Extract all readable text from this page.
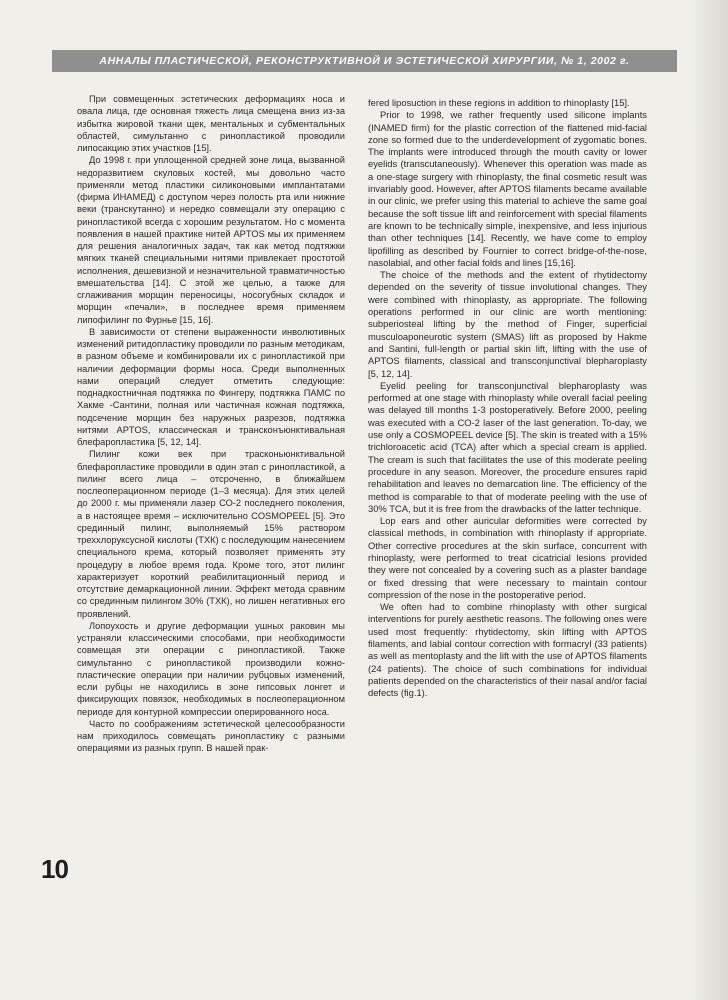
АННАЛЫ ПЛАСТИЧЕСКОЙ, РЕКОНСТРУКТИВНОЙ И ЭСТЕТИЧЕСКОЙ ХИРУРГИИ, № 1, 2002 г.

При совмещенных эстетических деформациях носа и овала лица, где основная тяжесть лица смещена вниз из-за избытка жировой ткани щек, ментальных и субментальных областей, симультанно с ринопластикой проводили липосакцию этих участков [15].

До 1998 г. при уплощенной средней зоне лица, вызванной недоразвитием скуловых костей, мы довольно часто применяли метод пластики силиконовыми имплантатами (фирма ИНАМЕД) с доступом через полость рта или нижние веки (транскутанно) и нередко совмещали эту операцию с ринопластикой всегда с хорошим результатом. Но с момента появления в нашей практике нитей APTOS мы их применяем для решения аналогичных задач, так как метод подтяжки мягких тканей специальными нитями привлекает простотой исполнения, дешевизной и незначительной травматичностью вмешательства [14]. С этой же целью, а также для сглаживания морщин переносицы, носогубных складок и морщин «печали», в последнее время применяем липофилинг по Фурнье [15, 16].

В зависимости от степени выраженности инволютивных изменений ритидопластику проводили по разным методикам, в разном объеме и комбинировали их с ринопластикой при наличии деформации формы носа. Среди выполненных нами операций следует отметить следующие: поднадкостничная подтяжка по Фингеру, подтяжка ПАМС по Хакме -Сантини, полная или частичная кожная подтяжка, подсечение морщин без наружных разрезов, подтяжка нитями APTOS, классическая и трансконъюнктивальная блефаропластика [5, 12, 14].

Пилинг кожи век при трасконьюнктивальной блефаропластике проводили в один этап с ринопластикой, а пилинг всего лица – отсроченно, в ближайшем послеоперационном периоде (1–3 месяца). Для этих целей до 2000 г. мы применяли лазер СО-2 последнего поколения, а в настоящее время – исключительно COSMOPEEL [5]. Это срединный пилинг, выполняемый 15% раствором треххлоруксусной кислоты (ТХК) с последующим нанесением специального крема, который позволяет применять эту процедуру в любое время года. Кроме того, этот пилинг характеризует короткий реабилитационный период и отсутствие демаркационной линии. Эффект метода сравним со срединным пилингом 30% (ТХК), но лишен негативных его проявлений.

Лопоухость и другие деформации ушных раковин мы устраняли классическими способами, при необходимости совмещая эти операции с ринопластикой. Также симультанно с ринопластикой производили кожно-пластические операции при наличии рубцовых изменений, если рубцы не находились в зоне гипсовых лонгет и фиксирующих повязок, необходимых в послеоперационном периоде для контурной компрессии оперированного носа.

Часто по соображениям эстетической целесообразности нам приходилось совмещать ринопластику с разными операциями из разных групп. В нашей прак-

fered liposuction in these regions in addition to rhinoplasty [15].

Prior to 1998, we rather frequently used silicone implants (INAMED firm) for the plastic correction of the flattened mid-facial zone so formed due to the underdevelopment of zygomatic bones. The implants were introduced through the mouth cavity or lower eyelids (transcutaneously). Whenever this operation was made as a one-stage surgery with rhinoplasty, the final cosmetic result was invariably good. However, after APTOS filaments became available in our clinic, we prefer using this material to achieve the same goal because the soft tissue lift and reinforcement with special filaments are known to be technically simple, inexpensive, and less injurious than other techniques [14]. Recently, we have come to employ lipofilling as described by Fournier to correct bridge-of-the-nose, nasolabial, and other facial folds and lines [15,16].

The choice of the methods and the extent of rhytidectomy depended on the severity of tissue involutional changes. They were combined with rhinoplasty, as appropriate. The following operations performed in our clinic are worth mentioning: subperiosteal lifting by the method of Finger, superficial musculoaponeurotic system (SMAS) lift as proposed by Hakme and Santini, full-length or partial skin lift, lifting with the use of APTOS filaments, classical and transconjunctival blepharoplasty [5, 12, 14].

Eyelid peeling for transconjunctival blepharoplasty was performed at one stage with rhinoplasty while overall facial peeling was delayed till months 1-3 postoperatively. Before 2000, peeling was executed with a CO-2 laser of the last generation. To-day, we use only a COSMOPEEL device [5]. The skin is treated with a 15% trichloroacetic acid (TCA) after which a special cream is applied. The cream is such that facilitates the use of this moderate peeling procedure in any season. Moreover, the procedure ensures rapid rehabilitation and leaves no demarcation line. The efficiency of the method is comparable to that of moderate peeling with the use of 30% TCA, but it is free from the drawbacks of the latter technique.

Lop ears and other auricular deformities were corrected by classical methods, in combination with rhinoplasty if appropriate. Other corrective procedures at the skin surface, concurrent with rhinoplasty, were performed to treat cicatricial lesions provided they were not concealed by a covering such as a plaster bandage or fixed dressing that were necessary to maintain contour compression of the nose in the postoperative period.

We often had to combine rhinoplasty with other surgical interventions for purely aesthetic reasons. The following ones were used most frequently: rhytidectomy, skin lifting with APTOS filaments, and labial contour correction with formacryl (33 patients) as well as mentoplasty and the lift with the use of APTOS filaments (24 patients). The choice of such combinations for individual patients depended on the characteristics of their nasal and/or facial defects (fig.1).

10
